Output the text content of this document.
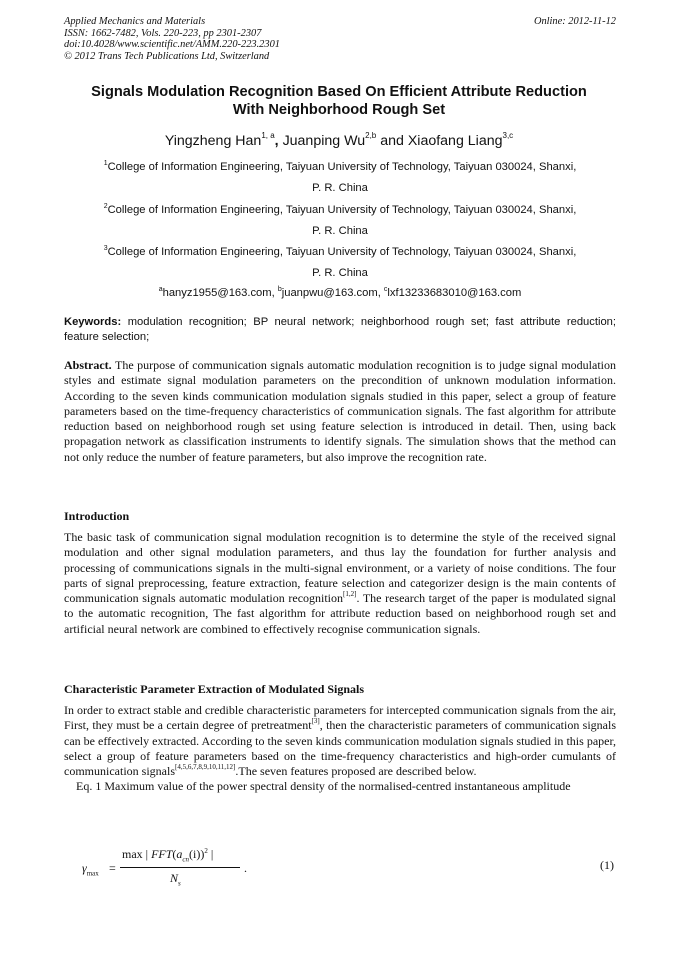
Applied Mechanics and Materials
ISSN: 1662-7482, Vols. 220-223, pp 2301-2307
doi:10.4028/www.scientific.net/AMM.220-223.2301
© 2012 Trans Tech Publications Ltd, Switzerland
Online: 2012-11-12
Signals Modulation Recognition Based On Efficient Attribute Reduction
With Neighborhood Rough Set
Yingzheng Han$^{1, a}$, Juanping Wu$^{2,b}$ and Xiaofang Liang$^{3,c}$
$^1$College of Information Engineering, Taiyuan University of Technology, Taiyuan 030024, Shanxi,
P. R. China
$^2$College of Information Engineering, Taiyuan University of Technology, Taiyuan 030024, Shanxi,
P. R. China
$^3$College of Information Engineering, Taiyuan University of Technology, Taiyuan 030024, Shanxi,
P. R. China
$^a$hanyz1955@163.com, $^b$juanpwu@163.com, $^c$lxf13233683010@163.com
Keywords: modulation recognition; BP neural network; neighborhood rough set; fast attribute reduction; feature selection;
Abstract. The purpose of communication signals automatic modulation recognition is to judge signal modulation styles and estimate signal modulation parameters on the precondition of unknown modulation information. According to the seven kinds communication modulation signals studied in this paper, select a group of feature parameters based on the time-frequency characteristics of communication signals. The fast algorithm for attribute reduction based on neighborhood rough set using feature selection is introduced in detail. Then, using back propagation network as classification instruments to identify signals. The simulation shows that the method can not only reduce the number of feature parameters, but also improve the recognition rate.
Introduction
The basic task of communication signal modulation recognition is to determine the style of the received signal modulation and other signal modulation parameters, and thus lay the foundation for further analysis and processing of communications signals in the multi-signal environment, or a variety of noise conditions. The four parts of signal preprocessing, feature extraction, feature selection and categorizer design is the main contents of communication signals automatic modulation recognition[1,2]. The research target of the paper is modulated signal to the automatic recognition, The fast algorithm for attribute reduction based on neighborhood rough set and artificial neural network are combined to effectively recognise communication signals.
Characteristic Parameter Extraction of Modulated Signals
In order to extract stable and credible characteristic parameters for intercepted communication signals from the air, First, they must be a certain degree of pretreatment[3], then the characteristic parameters of communication signals can be effectively extracted. According to the seven kinds communication modulation signals studied in this paper, select a group of feature parameters based on the time-frequency characteristics and high-order cumulants of communication signals[4,5,6,7,8,9,10,11,12].The seven features proposed are described below.
Eq. 1 Maximum value of the power spectral density of the normalised-centred instantaneous amplitude
$\gamma_{max}$ =
max | $FFT(a_{cn}(i))^2$ |
$N_s$
.	(1)
